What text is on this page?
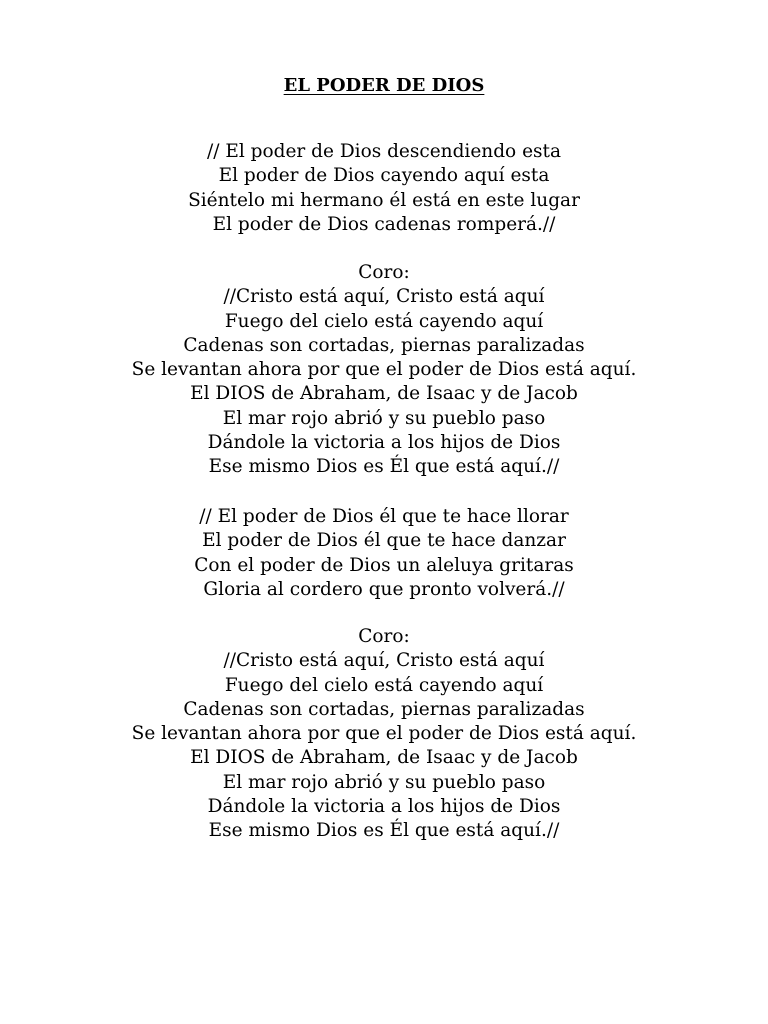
EL PODER DE DIOS
// El poder de Dios descendiendo esta
El poder de Dios cayendo aquí esta
Siéntelo mi hermano él está en este lugar
El poder de Dios cadenas romperá.//
Coro:
//Cristo está aquí, Cristo está aquí
Fuego del cielo está cayendo aquí
Cadenas son cortadas, piernas paralizadas
Se levantan ahora por que el poder de Dios está aquí.
El DIOS de Abraham, de Isaac y de Jacob
El mar rojo abrió y su pueblo paso
Dándole la victoria a los hijos de Dios
Ese mismo Dios es Él que está aquí.//
// El poder de Dios él que te hace llorar
El poder de Dios él que te hace danzar
Con el poder de Dios un aleluya gritaras
Gloria al cordero que pronto volverá.//
Coro:
//Cristo está aquí, Cristo está aquí
Fuego del cielo está cayendo aquí
Cadenas son cortadas, piernas paralizadas
Se levantan ahora por que el poder de Dios está aquí.
El DIOS de Abraham, de Isaac y de Jacob
El mar rojo abrió y su pueblo paso
Dándole la victoria a los hijos de Dios
Ese mismo Dios es Él que está aquí.//
